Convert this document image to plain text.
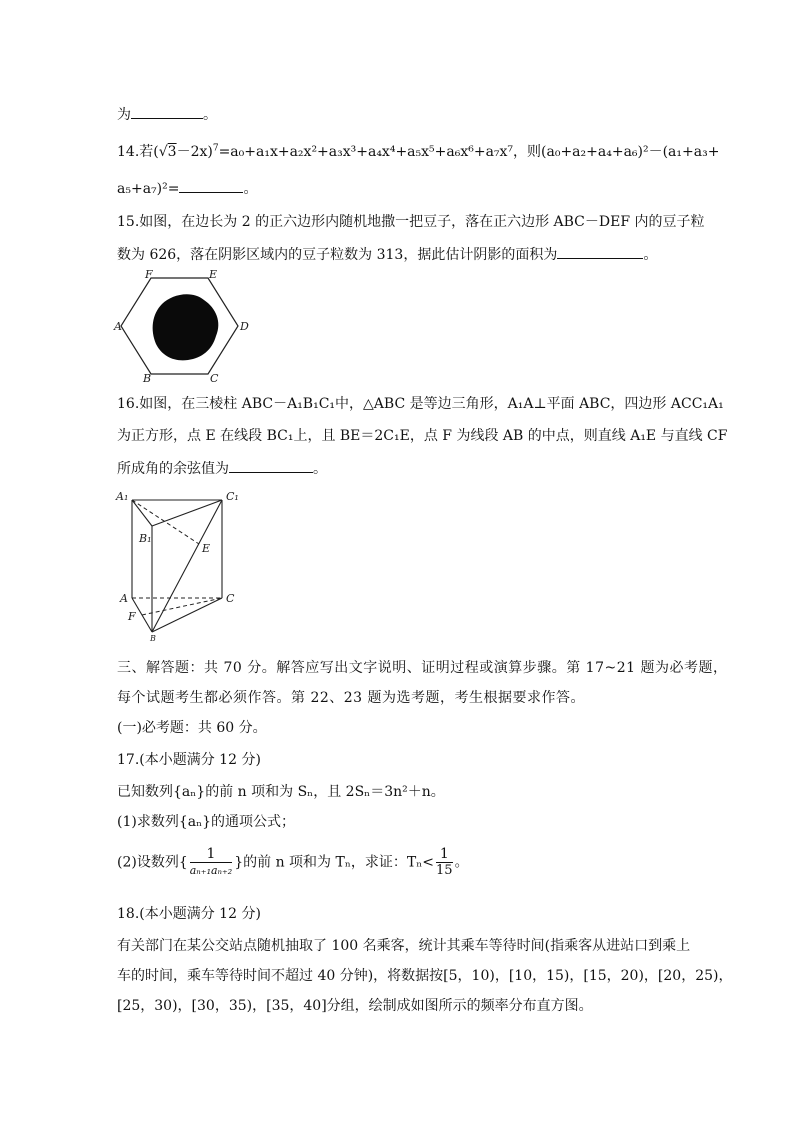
为	。
14.若$(√3-2x)^7=a_0+a_1x+a_2x^2+a_3x^3+a_4x^4+a_5x^5+a_6x^6+a_7x^7$，则(a₀+a₂+a₄+a₆)²－(a₁+a₃+
a₅+a₇)²=	。
15.如图，在边长为 2 的正六边形内随机地撒一把豆子，落在正六边形 ABC－DEF 内的豆子粒
数为 626，落在阴影区域内的豆子粒数为 313，据此估计阴影的面积为	。
F	E
A	D
B	C
16.如图，在三棱柱 ABC－A₁B₁C₁中，△ABC 是等边三角形，A₁A⊥平面 ABC，四边形 ACC₁A₁
为正方形，点 E 在线段 BC₁上，且 BE＝2C₁E，点 F 为线段 AB 的中点，则直线 A₁E 与直线 CF
所成角的余弦值为	。
A₁	C₁
B₁
E
A	C
F
B
三、解答题：共 70 分。解答应写出文字说明、证明过程或演算步骤。第 17~21 题为必考题，
每个试题考生都必须作答。第 22、23 题为选考题，考生根据要求作答。
(一)必考题：共 60 分。
17.(本小题满分 12 分)
已知数列{aₙ}的前 n 项和为 Sₙ，且 2Sₙ＝3n²＋n。
(1)求数列{aₙ}的通项公式；
(2)设数列{ $\frac{1}{\text{aₙ₊₁aₙ₊₂}}$ }的前 n 项和为 Tₙ，求证：$T_n< \frac{1}{15}$ 。
18.(本小题满分 12 分)
有关部门在某公交站点随机抽取了 100 名乘客，统计其乘车等待时间(指乘客从进站口到乘上
车的时间，乘车等待时间不超过 40 分钟)，将数据按[5，10)，[10，15)，[15，20)，[20，25)，
[25，30)，[30，35)，[35，40]分组，绘制成如图所示的频率分布直方图。
